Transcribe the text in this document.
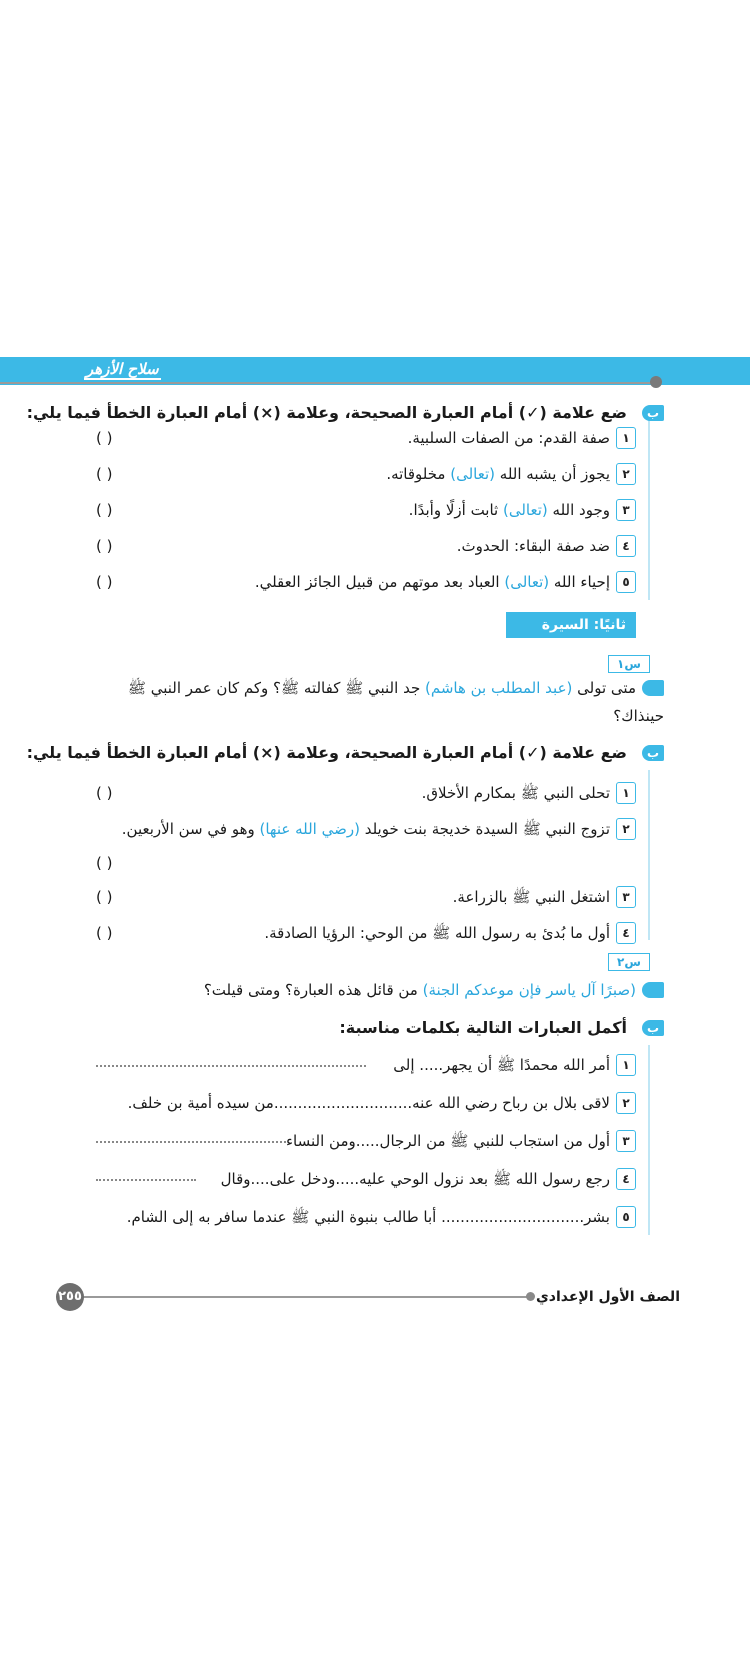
سلاح الأزهر
ب
ضع علامة (✓) أمام العبارة الصحيحة، وعلامة (×) أمام العبارة الخطأ فيما يلي:
١
صفة القدم: من الصفات السلبية.
( )
٢
يجوز أن يشبه الله (تعالى) مخلوقاته.
( )
٣
وجود الله (تعالى) ثابت أزلًا وأبدًا.
( )
٤
ضد صفة البقاء: الحدوث.
( )
٥
إحياء الله (تعالى) العباد بعد موتهم من قبيل الجائز العقلي.
( )
ثانيًا: السيرة
س١
متى تولى (عبد المطلب بن هاشم) جد النبي ﷺ كفالته ﷺ؟ وكم كان عمر النبي ﷺ
حينذاك؟
ب
ضع علامة (✓) أمام العبارة الصحيحة، وعلامة (×) أمام العبارة الخطأ فيما يلي:
١
تحلى النبي ﷺ بمكارم الأخلاق.
( )
٢
تزوج النبي ﷺ السيدة خديجة بنت خويلد (رضي الله عنها) وهو في سن الأربعين.
( )
٣
اشتغل النبي ﷺ بالزراعة.
( )
٤
أول ما بُدئ به رسول الله ﷺ من الوحي: الرؤيا الصادقة.
( )
س٢
(صبرًا آل ياسر فإن موعدكم الجنة) من قائل هذه العبارة؟ ومتى قيلت؟
ب
أكمل العبارات التالية بكلمات مناسبة:
١
أمر الله محمدًا ﷺ أن يجهر..... إلى
٢
لاقى بلال بن رباح رضي الله عنه.............................من سيده أمية بن خلف.
٣
أول من استجاب للنبي ﷺ من الرجال.....ومن النساء
٤
رجع رسول الله ﷺ بعد نزول الوحي عليه.....ودخل على....وقال
٥
بشر.............................. أبا طالب بنبوة النبي ﷺ عندما سافر به إلى الشام.
٢٥٥	الصف الأول الإعدادي
